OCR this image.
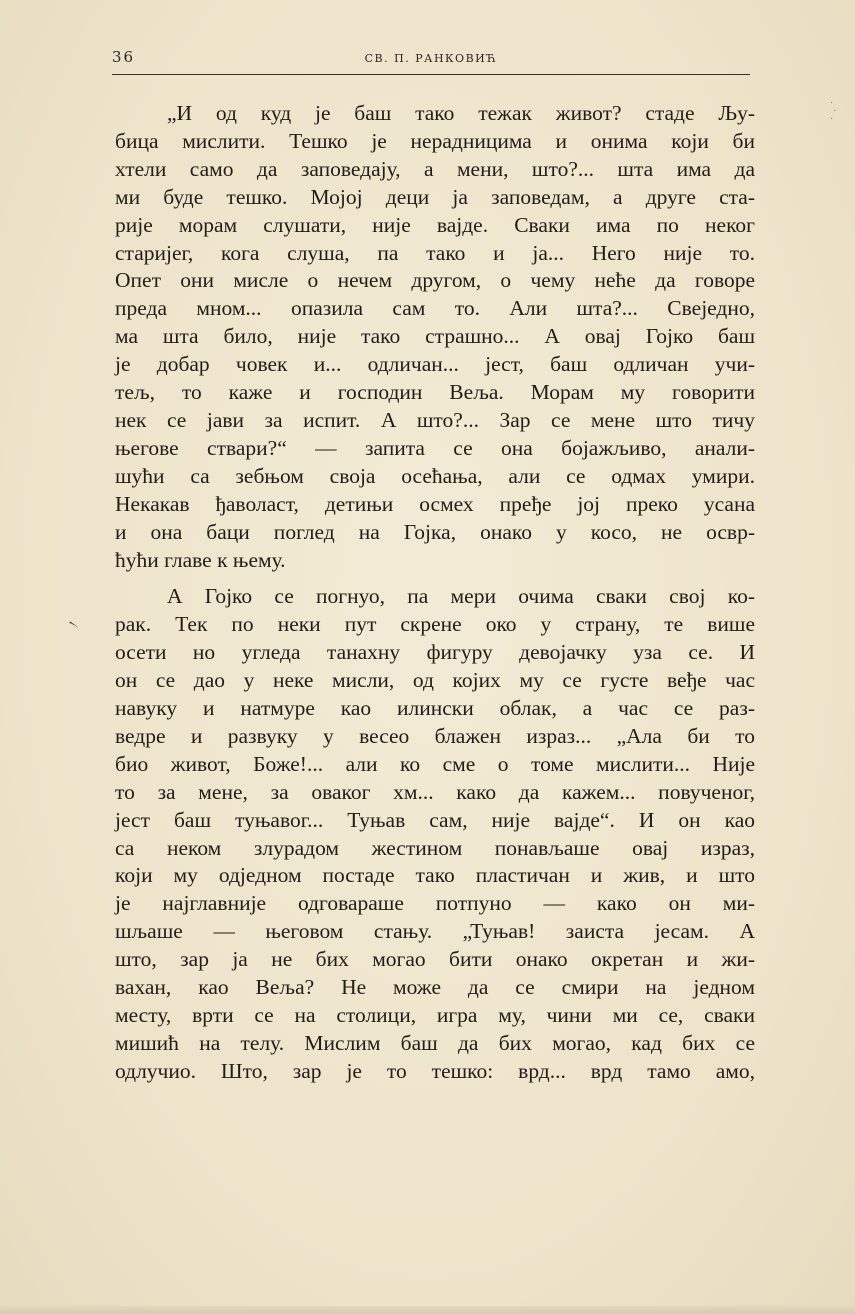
36	СВ. П. РАНКОВИЋ
৲
·
·
·
„И од куд је баш тако тежак живот? стаде Љу-
бица мислити. Тешко је нерадницима и онима који би
хтели само да заповедају, а мени, што?... шта има да
ми буде тешко. Мојој деци ја заповедам, а друге ста-
рије морам слушати, није вајде. Сваки има по неког
старијег, кога слуша, па тако и ја... Него није то.
Опет они мисле о нечем другом, о чему неће да говоре
преда мном... опазила сам то. Али шта?... Свеједно,
ма шта било, није тако страшно... А овај Гојко баш
је добар човек и... одличан... јест, баш одличан учи-
тељ, то каже и господин Веља. Морам му говорити
нек се јави за испит. А што?... Зар се мене што тичу
његове ствари?“ — запита се она бојажљиво, анали-
шући са зебњом своја осећања, али се одмах умири.
Некакав ђаволаст, детињи осмех пређе јој преко усана
и она баци поглед на Гојка, онако у косо, не освр-
ћући главе к њему.
А Гојко се погнуо, па мери очима сваки свој ко-
рак. Тек по неки пут скрене око у страну, те више
осети но угледа танахну фигуру девојачку уза се. И
он се дао у неке мисли, од којих му се густе веђе час
навуку и натмуре као илински облак, а час се раз-
ведре и развуку у весео блажен израз... „Ала би то
био живот, Боже!... али ко сме о томе мислити... Није
то за мене, за оваког хм... како да кажем... повученог,
јест баш туњавог... Туњав сам, није вајде“. И он као
са неком злурадом жестином понављаше овај израз,
који му одједном постаде тако пластичан и жив, и што
је најглавније одговараше потпуно — како он ми-
шљаше — његовом стању. „Туњав! заиста јесам. А
што, зар ја не бих могао бити онако окретан и жи-
вахан, као Веља? Не може да се смири на једном
месту, врти се на столици, игра му, чини ми се, сваки
мишић на телу. Мислим баш да бих могао, кад бих се
одлучио. Што, зар је то тешко: врд... врд тамо амо,
